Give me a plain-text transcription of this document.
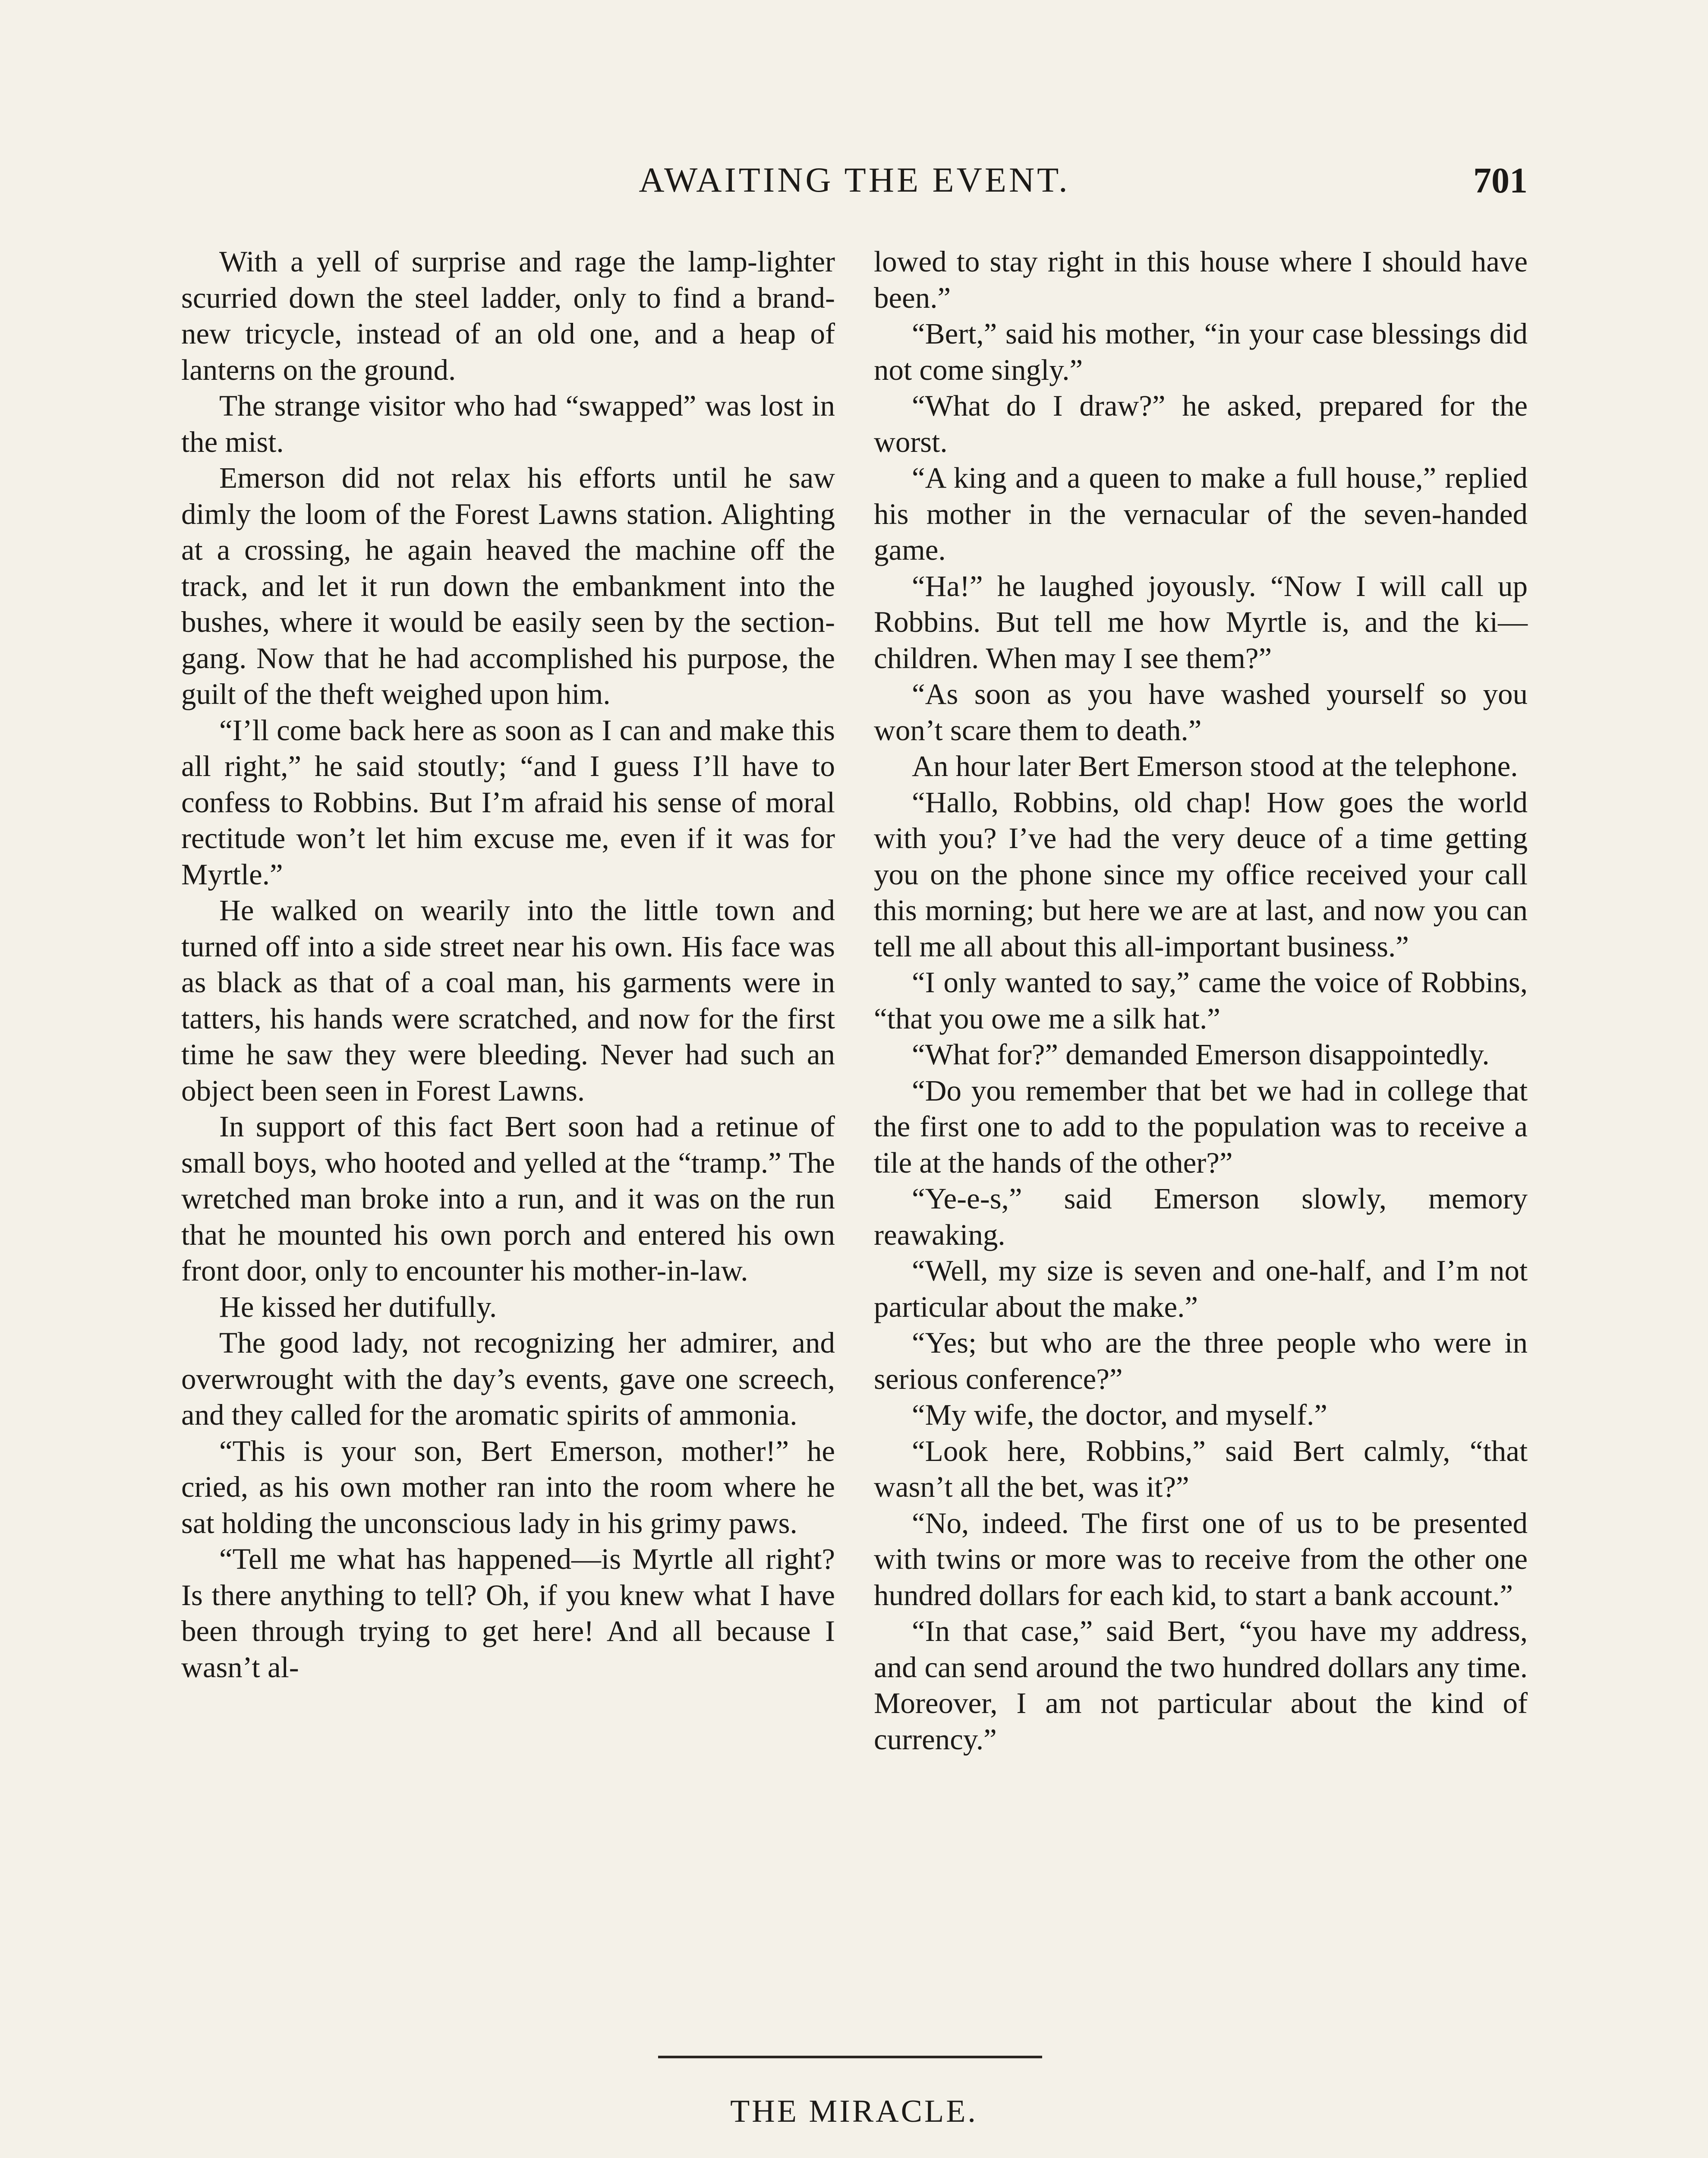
AWAITING THE EVENT.	701

With a yell of surprise and rage the lamp-lighter scurried down the steel ladder, only to find a brand-new tricycle, instead of an old one, and a heap of lanterns on the ground.

The strange visitor who had “swapped” was lost in the mist.

Emerson did not relax his efforts until he saw dimly the loom of the Forest Lawns station. Alighting at a crossing, he again heaved the machine off the track, and let it run down the embankment into the bushes, where it would be easily seen by the section-gang. Now that he had accomplished his purpose, the guilt of the theft weighed upon him.

“I’ll come back here as soon as I can and make this all right,” he said stoutly; “and I guess I’ll have to confess to Robbins. But I’m afraid his sense of moral rectitude won’t let him excuse me, even if it was for Myrtle.”

He walked on wearily into the little town and turned off into a side street near his own. His face was as black as that of a coal man, his garments were in tatters, his hands were scratched, and now for the first time he saw they were bleeding. Never had such an object been seen in Forest Lawns.

In support of this fact Bert soon had a retinue of small boys, who hooted and yelled at the “tramp.” The wretched man broke into a run, and it was on the run that he mounted his own porch and entered his own front door, only to encounter his mother-in-law.

He kissed her dutifully.

The good lady, not recognizing her admirer, and overwrought with the day’s events, gave one screech, and they called for the aromatic spirits of ammonia.

“This is your son, Bert Emerson, mother!” he cried, as his own mother ran into the room where he sat holding the unconscious lady in his grimy paws.

“Tell me what has happened—is Myrtle all right? Is there anything to tell? Oh, if you knew what I have been through trying to get here! And all because I wasn’t al-

lowed to stay right in this house where I should have been.”

“Bert,” said his mother, “in your case blessings did not come singly.”

“What do I draw?” he asked, prepared for the worst.

“A king and a queen to make a full house,” replied his mother in the vernacular of the seven-handed game.

“Ha!” he laughed joyously. “Now I will call up Robbins. But tell me how Myrtle is, and the ki—children. When may I see them?”

“As soon as you have washed yourself so you won’t scare them to death.”

An hour later Bert Emerson stood at the telephone.

“Hallo, Robbins, old chap! How goes the world with you? I’ve had the very deuce of a time getting you on the phone since my office received your call this morning; but here we are at last, and now you can tell me all about this all-important business.”

“I only wanted to say,” came the voice of Robbins, “that you owe me a silk hat.”

“What for?” demanded Emerson disappointedly.

“Do you remember that bet we had in college that the first one to add to the population was to receive a tile at the hands of the other?”

“Ye-e-s,” said Emerson slowly, memory reawaking.

“Well, my size is seven and one-half, and I’m not particular about the make.”

“Yes; but who are the three people who were in serious conference?”

“My wife, the doctor, and myself.”

“Look here, Robbins,” said Bert calmly, “that wasn’t all the bet, was it?”

“No, indeed. The first one of us to be presented with twins or more was to receive from the other one hundred dollars for each kid, to start a bank account.”

“In that case,” said Bert, “you have my address, and can send around the two hundred dollars any time. Moreover, I am not particular about the kind of currency.”

THE MIRACLE.
